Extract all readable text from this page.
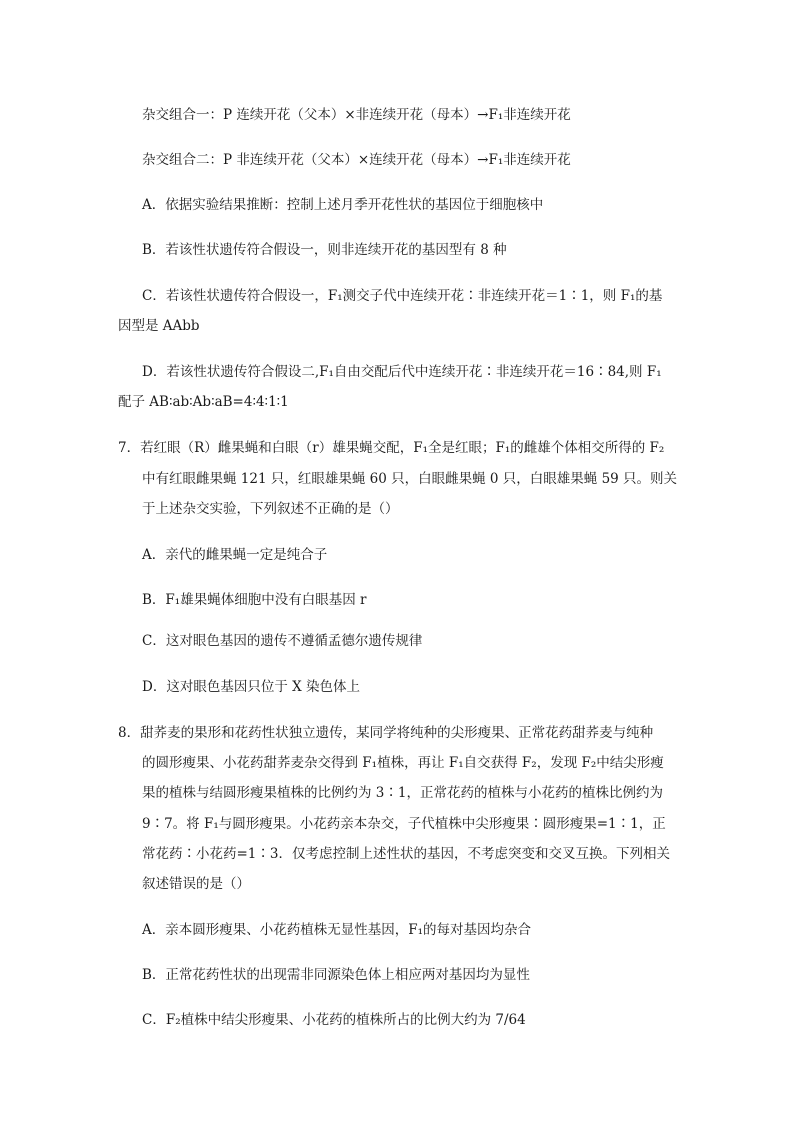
杂交组合一：P 连续开花（父本）×非连续开花（母本）→F₁非连续开花
杂交组合二：P 非连续开花（父本）×连续开花（母本）→F₁非连续开花
A．依据实验结果推断：控制上述月季开花性状的基因位于细胞核中
B．若该性状遗传符合假设一，则非连续开花的基因型有 8 种
C．若该性状遗传符合假设一，F₁测交子代中连续开花∶非连续开花＝1∶1，则 F₁的基
因型是 AAbb
D．若该性状遗传符合假设二,F₁自由交配后代中连续开花∶非连续开花＝16∶84,则 F₁
配子 AB∶ab∶Ab∶aB=4∶4∶1∶1
7．若红眼（R）雌果蝇和白眼（r）雄果蝇交配，F₁全是红眼；F₁的雌雄个体相交所得的 F₂
中有红眼雌果蝇 121 只，红眼雄果蝇 60 只，白眼雌果蝇 0 只，白眼雄果蝇 59 只。则关
于上述杂交实验，下列叙述不正确的是（）
A．亲代的雌果蝇一定是纯合子
B．F₁雄果蝇体细胞中没有白眼基因 r
C．这对眼色基因的遗传不遵循孟德尔遗传规律
D．这对眼色基因只位于 X 染色体上
8．甜荞麦的果形和花药性状独立遗传，某同学将纯种的尖形瘦果、正常花药甜荞麦与纯种
的圆形瘦果、小花药甜荞麦杂交得到 F₁植株，再让 F₁自交获得 F₂，发现 F₂中结尖形瘦
果的植株与结圆形瘦果植株的比例约为 3∶1，正常花药的植株与小花药的植株比例约为
9∶7。将 F₁与圆形瘦果。小花药亲本杂交，子代植株中尖形瘦果∶圆形瘦果=1∶1，正
常花药∶小花药=1∶3．仅考虑控制上述性状的基因，不考虑突变和交叉互换。下列相关
叙述错误的是（）
A．亲本圆形瘦果、小花药植株无显性基因，F₁的每对基因均杂合
B．正常花药性状的出现需非同源染色体上相应两对基因均为显性
C．F₂植株中结尖形瘦果、小花药的植株所占的比例大约为 7/64
